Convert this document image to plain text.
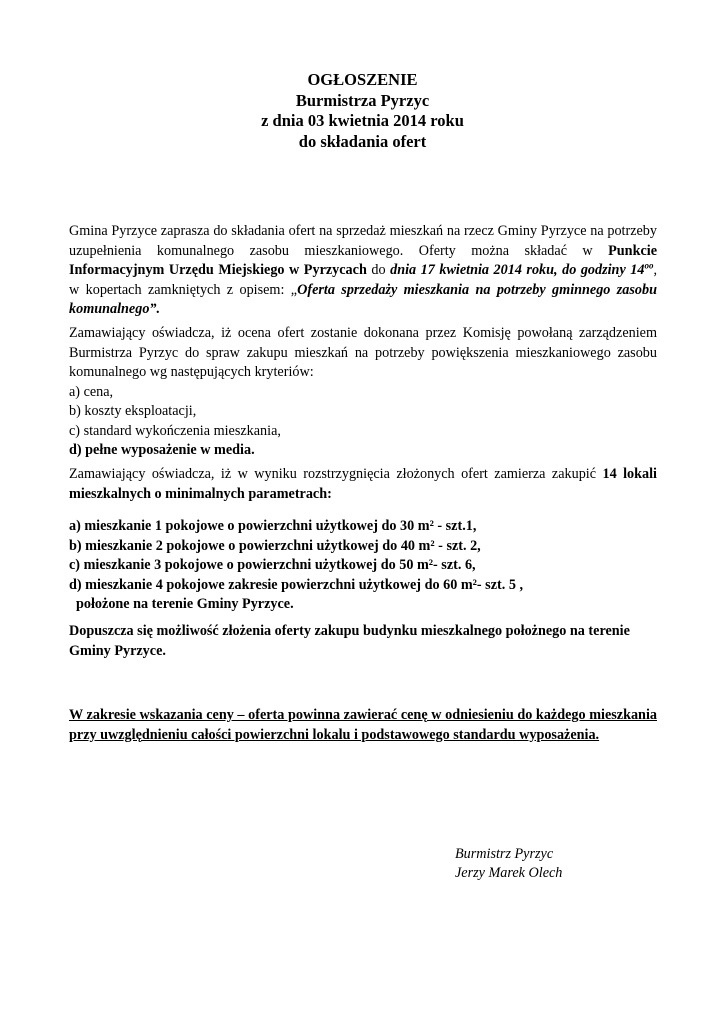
OGŁOSZENIE
Burmistrza Pyrzyc
z dnia 03 kwietnia 2014 roku
do składania ofert
Gmina Pyrzyce zaprasza do składania ofert na sprzedaż mieszkań na rzecz Gminy Pyrzyce na potrzeby uzupełnienia komunalnego zasobu mieszkaniowego. Oferty można składać w Punkcie Informacyjnym Urzędu Miejskiego w Pyrzycach do dnia 17 kwietnia 2014 roku, do godziny $14^{oo}$, w kopertach zamkniętych z opisem: „Oferta sprzedaży mieszkania na potrzeby gminnego zasobu komunalnego”.
Zamawiający oświadcza, iż ocena ofert zostanie dokonana przez Komisję powołaną zarządzeniem Burmistrza Pyrzyc do spraw zakupu mieszkań na potrzeby powiększenia mieszkaniowego zasobu komunalnego wg następujących kryteriów:
a) cena,
b) koszty eksploatacji,
c) standard wykończenia mieszkania,
d) pełne wyposażenie w media.
Zamawiający oświadcza, iż w wyniku rozstrzygnięcia złożonych ofert zamierza zakupić 14 lokali mieszkalnych o minimalnych parametrach:
a) mieszkanie 1 pokojowe o powierzchni użytkowej do 30 m² - szt.1,
b) mieszkanie 2 pokojowe o powierzchni użytkowej do 40 m² - szt. 2,
c) mieszkanie 3 pokojowe o powierzchni użytkowej do 50 m²- szt. 6,
d) mieszkanie 4 pokojowe zakresie powierzchni użytkowej do 60 m²- szt. 5 ,
położone na terenie Gminy Pyrzyce.
Dopuszcza się możliwość złożenia oferty zakupu budynku mieszkalnego położnego na terenie Gminy Pyrzyce.
W zakresie wskazania ceny – oferta powinna zawierać cenę w odniesieniu do każdego mieszkania przy uwzględnieniu całości powierzchni lokalu i podstawowego standardu wyposażenia.
Burmistrz Pyrzyc
Jerzy Marek Olech
